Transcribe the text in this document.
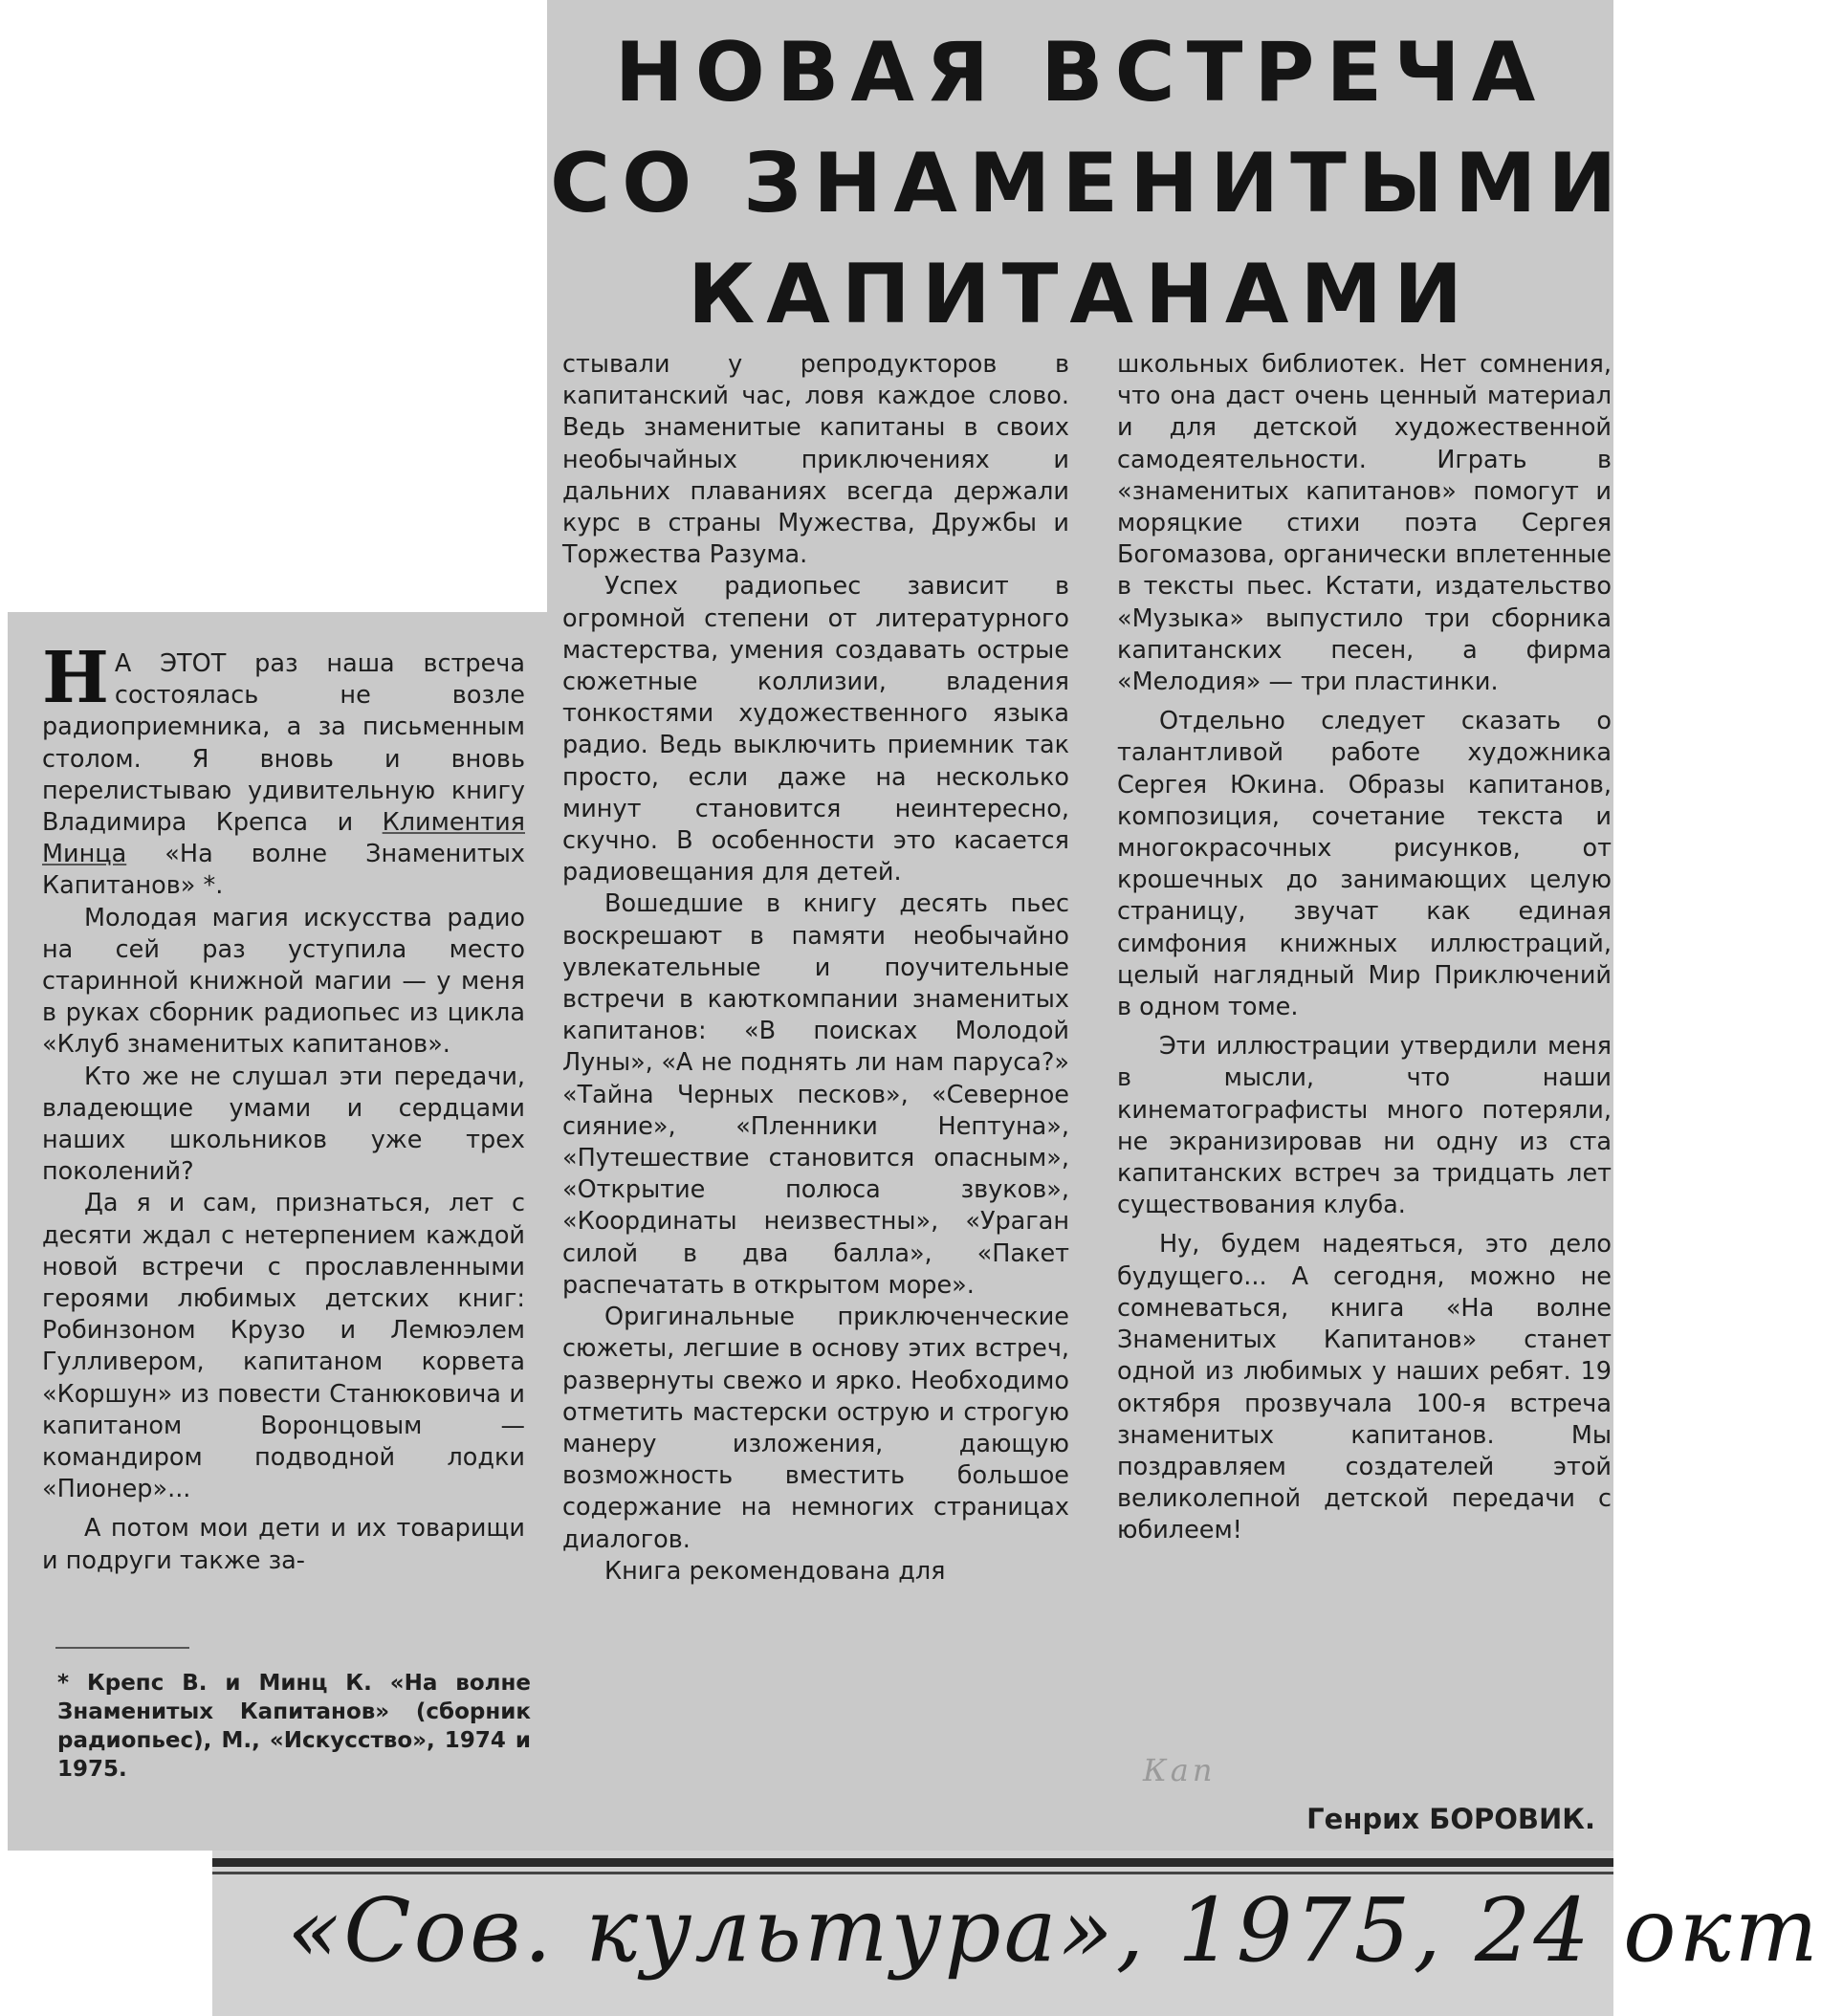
НОВАЯ ВСТРЕЧА
СО ЗНАМЕНИТЫМИ
КАПИТАНАМИ

Н А ЭТОТ раз наша встреча состоялась не возле радиоприемника, а за письменным столом. Я вновь и вновь перелистываю удивительную книгу Владимира Крепса и Климентия Минца «На волне Знаменитых Капитанов» *.

Молодая магия искусства радио на сей раз уступила место старинной книжной магии — у меня в руках сборник радиопьес из цикла «Клуб знаменитых капитанов».

Кто же не слушал эти передачи, владеющие умами и сердцами наших школьников уже трех поколений?

Да я и сам, признаться, лет с десяти ждал с нетерпением каждой новой встречи с прославленными героями любимых детских книг: Робинзоном Крузо и Лемюэлем Гулливером, капитаном корвета «Коршун» из повести Станюковича и капитаном Воронцовым — командиром подводной лодки «Пионер»...

А потом мои дети и их товарищи и подруги также за-

* Крепс В. и Минц К. «На волне Знаменитых Капитанов» (сборник радиопьес), М., «Искусство», 1974 и 1975.

стывали у репродукторов в капитанский час, ловя каждое слово. Ведь знаменитые капитаны в своих необычайных приключениях и дальних плаваниях всегда держали курс в страны Мужества, Дружбы и Торжества Разума.

Успех радиопьес зависит в огромной степени от литературного мастерства, умения создавать острые сюжетные коллизии, владения тонкостями художественного языка радио. Ведь выключить приемник так просто, если даже на несколько минут становится неинтересно, скучно. В особенности это касается радиовещания для детей.

Вошедшие в книгу десять пьес воскрешают в памяти необычайно увлекательные и поучительные встречи в каюткомпании знаменитых капитанов: «В поисках Молодой Луны», «А не поднять ли нам паруса?» «Тайна Черных песков», «Северное сияние», «Пленники Нептуна», «Путешествие становится опасным», «Открытие полюса звуков», «Координаты неизвестны», «Ураган силой в два балла», «Пакет распечатать в открытом море».

Оригинальные приключенческие сюжеты, легшие в основу этих встреч, развернуты свежо и ярко. Необходимо отметить мастерски острую и строгую манеру изложения, дающую возможность вместить большое содержание на немногих страницах диалогов.

Книга рекомендована для

школьных библиотек. Нет сомнения, что она даст очень ценный материал и для детской художественной самодеятельности. Играть в «знаменитых капитанов» помогут и моряцкие стихи поэта Сергея Богомазова, органически вплетенные в тексты пьес. Кстати, издательство «Музыка» выпустило три сборника капитанских песен, а фирма «Мелодия» — три пластинки.

Отдельно следует сказать о талантливой работе художника Сергея Юкина. Образы капитанов, композиция, сочетание текста и многокрасочных рисунков, от крошечных до занимающих целую страницу, звучат как единая симфония книжных иллюстраций, целый наглядный Мир Приключений в одном томе.

Эти иллюстрации утвердили меня в мысли, что наши кинематографисты много потеряли, не экранизировав ни одну из ста капитанских встреч за тридцать лет существования клуба.

Ну, будем надеяться, это дело будущего... А сегодня, можно не сомневаться, книга «На волне Знаменитых Капитанов» станет одной из любимых у наших ребят. 19 октября прозвучала 100-я встреча знаменитых капитанов. Мы поздравляем создателей этой великолепной детской передачи с юбилеем!

Кап
Генрих БОРОВИК.
«Сов. культура», 1975, 24 окт
